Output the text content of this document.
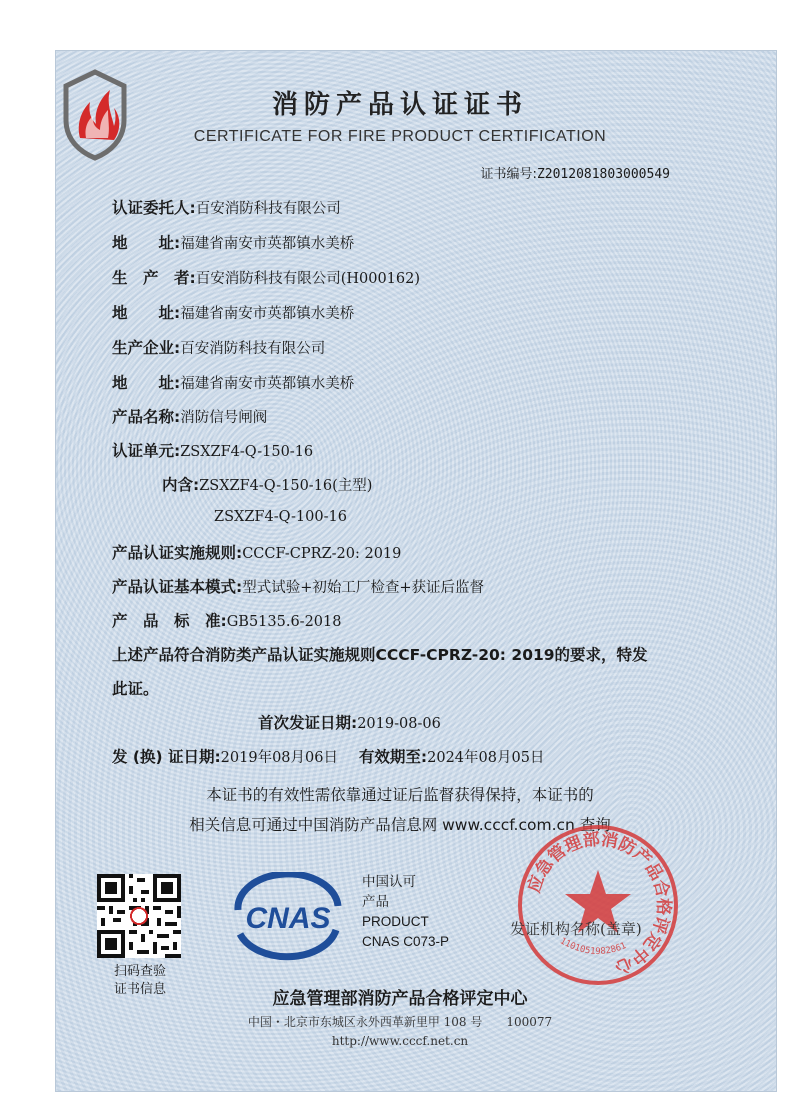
消防产品认证证书
CERTIFICATE FOR FIRE PRODUCT CERTIFICATION
证书编号:Z2012081803000549
认证委托人:百安消防科技有限公司
地　　址:福建省南安市英都镇水美桥
生　产　者:百安消防科技有限公司(H000162)
地　　址:福建省南安市英都镇水美桥
生产企业:百安消防科技有限公司
地　　址:福建省南安市英都镇水美桥
产品名称:消防信号闸阀
认证单元:ZSXZF4-Q-150-16
内含:ZSXZF4-Q-150-16(主型)
ZSXZF4-Q-100-16
产品认证实施规则:CCCF-CPRZ-20: 2019
产品认证基本模式:型式试验+初始工厂检查+获证后监督
产　品　标　准:GB5135.6-2018
上述产品符合消防类产品认证实施规则CCCF-CPRZ-20: 2019的要求，特发
此证。
首次发证日期:2019-08-06
发 (换) 证日期:2019年08月06日 有效期至:2024年08月05日
本证书的有效性需依靠通过证后监督获得保持，本证书的
相关信息可通过中国消防产品信息网 www.cccf.com.cn 查询
扫码查验
证书信息
CNAS
中国认可
产品
PRODUCT
CNAS C073-P
应急管理部消防产品合格评定中心
1101051982861
发证机构名称(盖章)
应急管理部消防产品合格评定中心
中国・北京市东城区永外西革新里甲 108 号　　100077
http://www.cccf.net.cn
